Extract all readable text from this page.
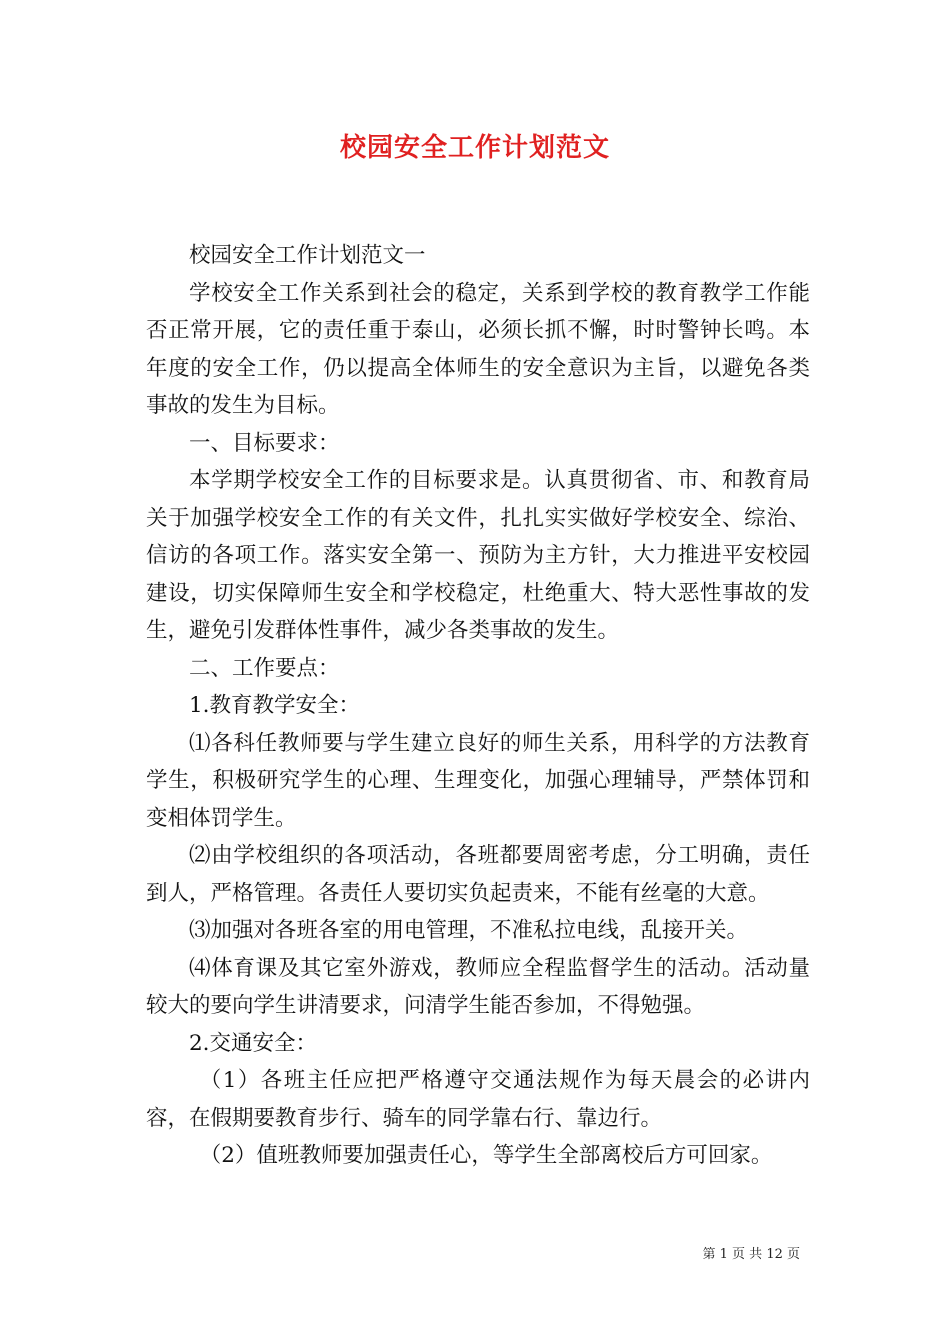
校园安全工作计划范文

校园安全工作计划范文一

学校安全工作关系到社会的稳定，关系到学校的教育教学工作能否正常开展，它的责任重于泰山，必须长抓不懈，时时警钟长鸣。本年度的安全工作，仍以提高全体师生的安全意识为主旨，以避免各类事故的发生为目标。

一、目标要求：

本学期学校安全工作的目标要求是。认真贯彻省、市、和教育局关于加强学校安全工作的有关文件，扎扎实实做好学校安全、综治、信访的各项工作。落实安全第一、预防为主方针，大力推进平安校园建设，切实保障师生安全和学校稳定，杜绝重大、特大恶性事故的发生，避免引发群体性事件，减少各类事故的发生。

二、工作要点：

1.教育教学安全：

⑴各科任教师要与学生建立良好的师生关系，用科学的方法教育学生，积极研究学生的心理、生理变化，加强心理辅导，严禁体罚和变相体罚学生。

⑵由学校组织的各项活动，各班都要周密考虑，分工明确，责任到人，严格管理。各责任人要切实负起责来，不能有丝毫的大意。

⑶加强对各班各室的用电管理，不准私拉电线，乱接开关。

⑷体育课及其它室外游戏，教师应全程监督学生的活动。活动量较大的要向学生讲清要求，问清学生能否参加，不得勉强。

2.交通安全：

（1）各班主任应把严格遵守交通法规作为每天晨会的必讲内容，在假期要教育步行、骑车的同学靠右行、靠边行。

（2）值班教师要加强责任心，等学生全部离校后方可回家。

第 1 页 共 12 页
